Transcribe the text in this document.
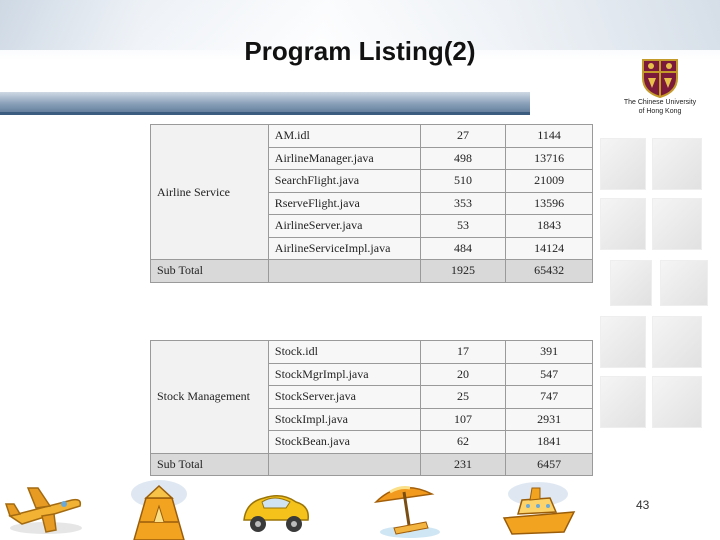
Program Listing(2)
The Chinese University
of Hong Kong
Airline Service	AM.idl	27	1144
	AirlineManager.java	498	13716
	SearchFlight.java	510	21009
	RserveFlight.java	353	13596
	AirlineServer.java	53	1843
	AirlineServiceImpl.java	484	14124
Sub Total		1925	65432
Stock Management	Stock.idl	17	391
	StockMgrImpl.java	20	547
	StockServer.java	25	747
	StockImpl.java	107	2931
	StockBean.java	62	1841
Sub Total		231	6457
43
